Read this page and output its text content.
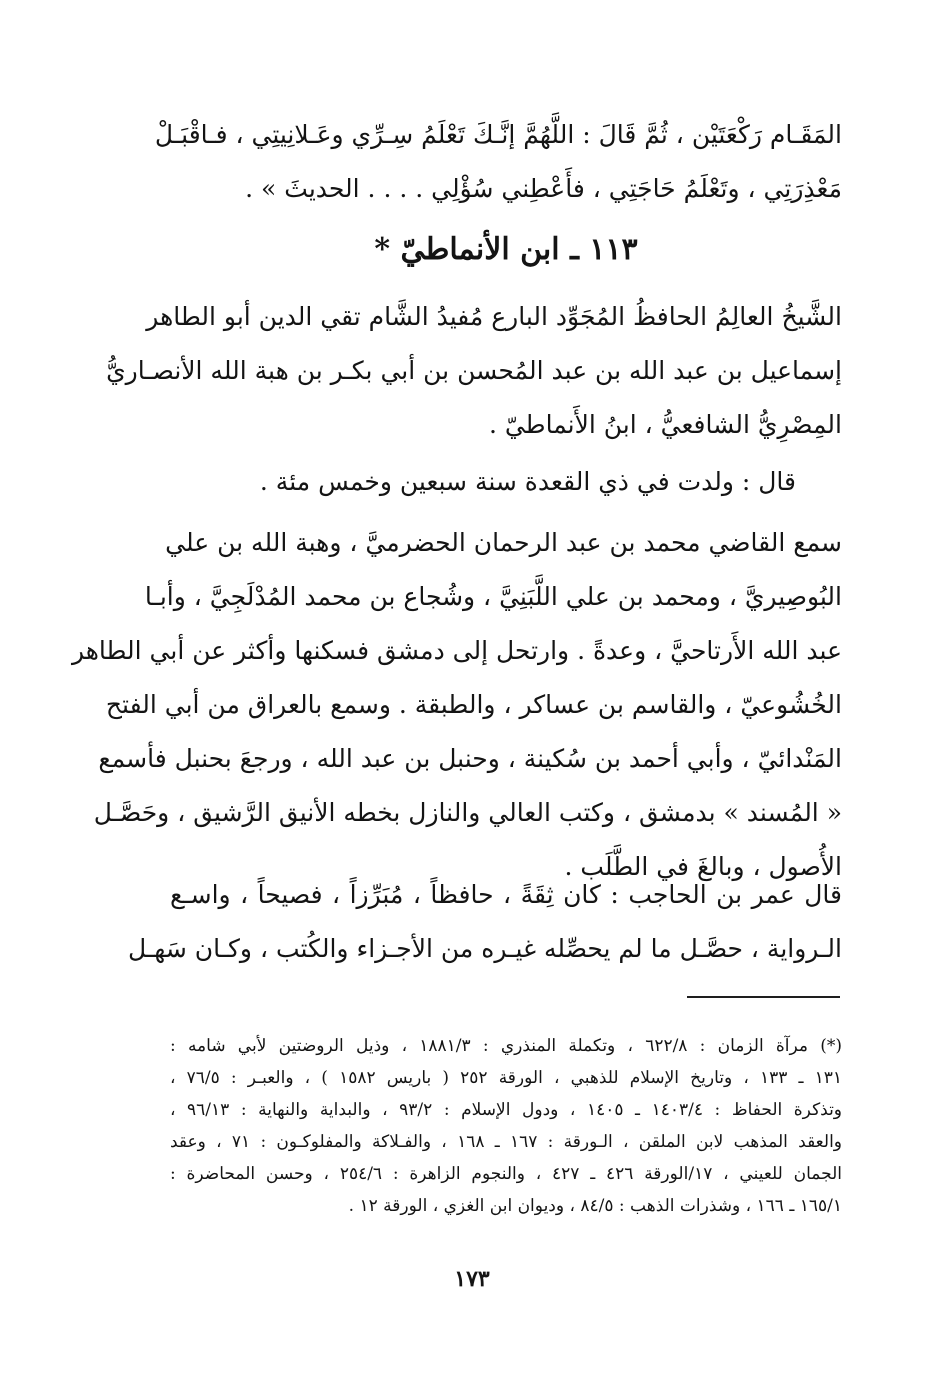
المَقَـام رَكْعَتَيْن ، ثُمَّ قَالَ : اللَّهُمَّ إنَّـكَ تَعْلَمُ سِـرِّي وعَـلانِيتِي ، فـاقْبَـلْ
مَعْذِرَتِي ، وتَعْلَمُ حَاجَتِي ، فأَعْطِني سُؤْلِي . . . . الحديثَ » .
١١٣ ـ ابن الأنماطيّ *
الشَّيخُ العالِمُ الحافظُ المُجَوِّد البارع مُفيدُ الشَّام تقي الدين أبو الطاهر
إسماعيل بن عبد الله بن عبد المُحسن بن أبي بكـر بن هبة الله الأنصـاريُّ
المِصْرِيُّ الشافعيُّ ، ابنُ الأَنماطيّ .
قال : ولدت في ذي القعدة سنة سبعين وخمس مئة .
سمع القاضي محمد بن عبد الرحمان الحضرميَّ ، وهبة الله بن علي
البُوصِيريَّ ، ومحمد بن علي اللَّبَنِيَّ ، وشُجاع بن محمد المُدْلَجِيَّ ، وأبـا
عبد الله الأَرتاحيَّ ، وعدةً . وارتحل إلى دمشق فسكنها وأكثر عن أبي الطاهر
الخُشُوعيّ ، والقاسم بن عساكر ، والطبقة . وسمع بالعراق من أبي الفتح
المَنْدائيّ ، وأبي أحمد بن سُكينة ، وحنبل بن عبد الله ، ورجعَ بحنبل فأسمع
« المُسند » بدمشق ، وكتب العالي والنازل بخطه الأنيق الرَّشيق ، وحَصَّـل
الأُصول ، وبالغَ في الطَّلَب .
قال عمر بن الحاجب : كان ثِقَةً ، حافظاً ، مُبَرِّزاً ، فصيحاً ، واسـع
الـرواية ، حصَّـل ما لم يحصِّله غيـره من الأجـزاء والكُتب ، وكـان سَهـل
(*) مرآة الزمان : ٦٢٢/٨ ، وتكملة المنذري : ١٨٨١/٣ ، وذيل الروضتين لأبي شامه :
١٣١ ـ ١٣٣ ، وتاريخ الإسلام للذهبي ، الورقة ٢٥٢ ( باريس ١٥٨٢ ) ، والعبـر : ٧٦/٥ ،
وتذكرة الحفاظ : ١٤٠٣/٤ ـ ١٤٠٥ ، ودول الإسلام : ٩٣/٢ ، والبداية والنهاية : ٩٦/١٣ ،
والعقد المذهب لابن الملقن ، الـورقة : ١٦٧ ـ ١٦٨ ، والفـلاكة والمفلوكـون : ٧١ ، وعقد
الجمان للعيني ، ١٧/الورقة ٤٢٦ ـ ٤٢٧ ، والنجوم الزاهرة : ٢٥٤/٦ ، وحسن المحاضرة :
١٦٥/١ ـ ١٦٦ ، وشذرات الذهب : ٨٤/٥ ، وديوان ابن الغزي ، الورقة ١٢ .
١٧٣
